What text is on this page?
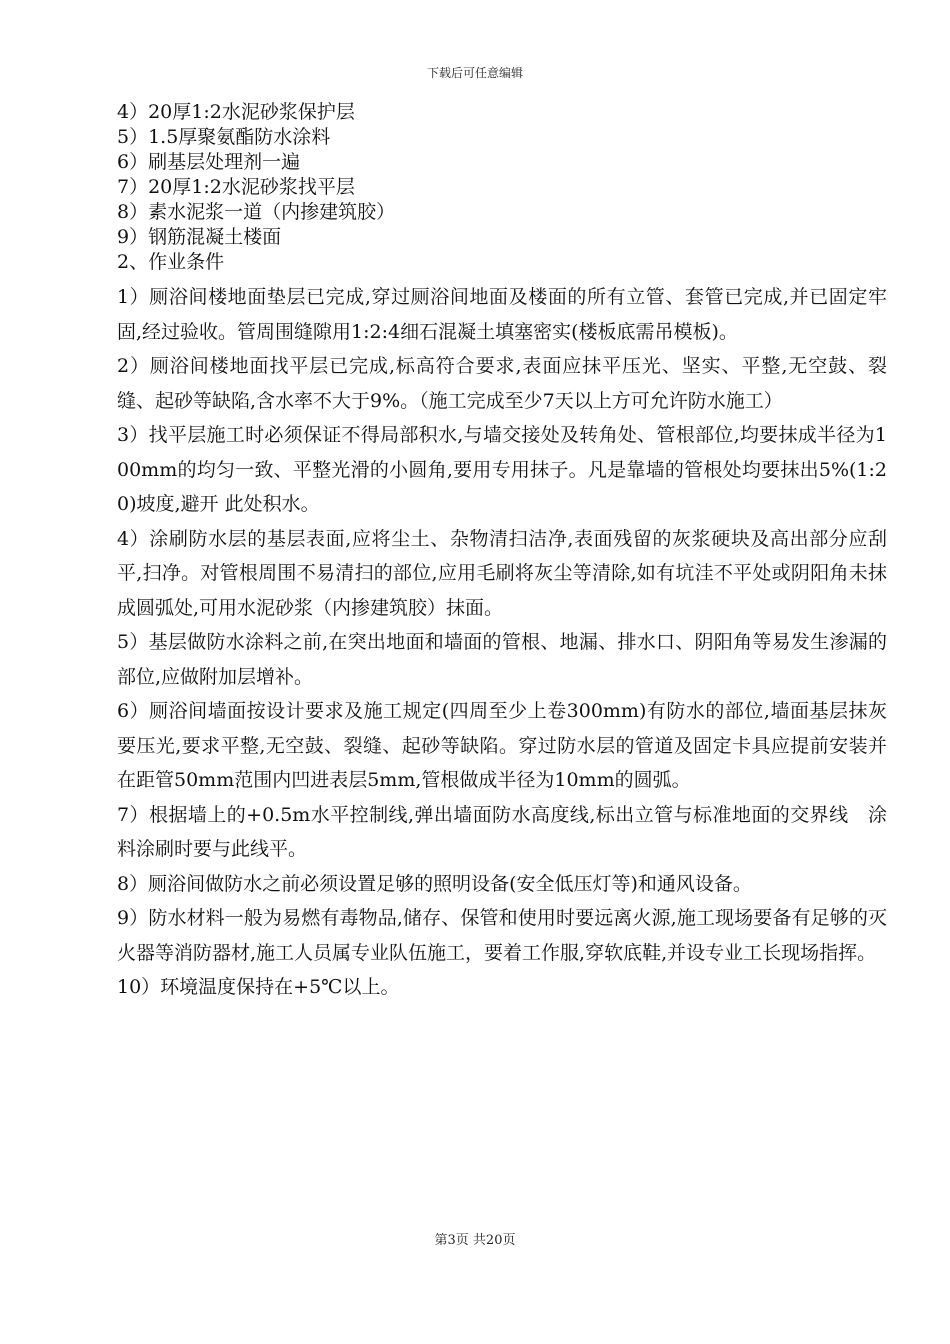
下载后可任意编辑

4）20厚1:2水泥砂浆保护层

5）1.5厚聚氨酯防水涂料

6）刷基层处理剂一遍

7）20厚1:2水泥砂浆找平层

8）素水泥浆一道（内掺建筑胶）

9）钢筋混凝土楼面

2、作业条件

1）厕浴间楼地面垫层已完成,穿过厕浴间地面及楼面的所有立管、套管已完成,并已固定牢固,经过验收。管周围缝隙用1:2:4细石混凝土填塞密实(楼板底需吊模板)。

2）厕浴间楼地面找平层已完成,标高符合要求,表面应抹平压光、坚实、平整,无空鼓、裂缝、起砂等缺陷,含水率不大于9%。（施工完成至少7天以上方可允许防水施工）

3）找平层施工时必须保证不得局部积水,与墙交接处及转角处、管根部位,均要抹成半径为100mm的均匀一致、平整光滑的小圆角,要用专用抹子。凡是靠墙的管根处均要抹出5%(1:20)坡度,避开 此处积水。

4）涂刷防水层的基层表面,应将尘土、杂物清扫洁净,表面残留的灰浆硬块及高出部分应刮平,扫净。对管根周围不易清扫的部位,应用毛刷将灰尘等清除,如有坑洼不平处或阴阳角未抹成圆弧处,可用水泥砂浆（内掺建筑胶）抹面。

5）基层做防水涂料之前,在突出地面和墙面的管根、地漏、排水口、阴阳角等易发生渗漏的部位,应做附加层增补。

6）厕浴间墙面按设计要求及施工规定(四周至少上卷300mm)有防水的部位,墙面基层抹灰要压光,要求平整,无空鼓、裂缝、起砂等缺陷。穿过防水层的管道及固定卡具应提前安装并在距管50mm范围内凹进表层5mm,管根做成半径为10mm的圆弧。

7）根据墙上的+0.5m水平控制线,弹出墙面防水高度线,标出立管与标准地面的交界线　涂料涂刷时要与此线平。

8）厕浴间做防水之前必须设置足够的照明设备(安全低压灯等)和通风设备。

9）防水材料一般为易燃有毒物品,储存、保管和使用时要远离火源,施工现场要备有足够的灭火器等消防器材,施工人员属专业队伍施工，要着工作服,穿软底鞋,并设专业工长现场指挥。

10）环境温度保持在+5℃以上。

第3页 共20页
